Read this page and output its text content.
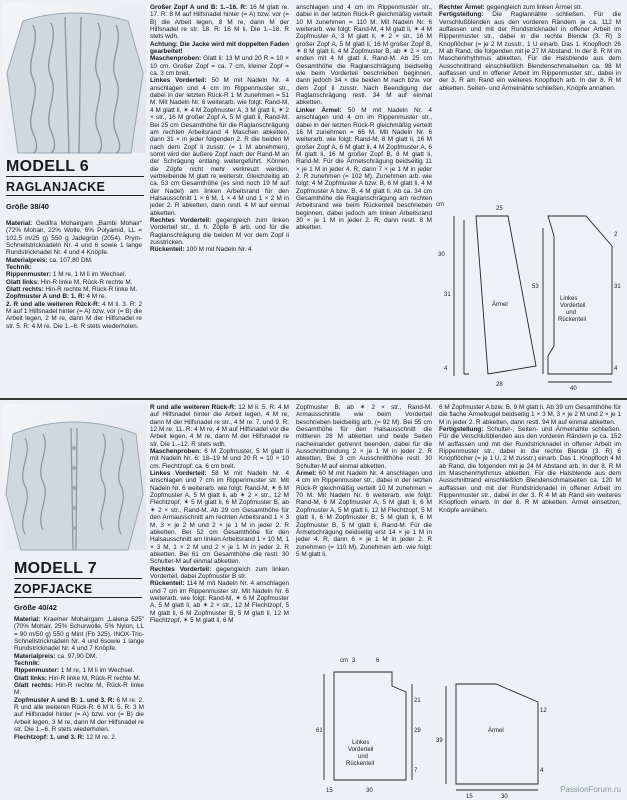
MODELL 6
RAGLANJACKE
Größe 38/40

Material: Gedifra Mohairgarn „Bambi Mohair“ (72% Mohair, 22% Wolle, 6% Polyamid, LL = 102,5 m/25 g) 550 g Jadegrün (2054). Prym-Schnellstricknadeln Nr. 4 und 6 sowie 1 lange Rundstricknadel Nr. 4 und 4 Knöpfe.

Materialpreis: ca. 107,80 DM.

Technik:

Rippenmuster: 1 M re, 1 M li im Wechsel.

Glatt links: Hin-R linke M, Rück-R rechte M.

Glatt rechts: Hin-R rechte M, Rück-R linke M.

Zopfmuster A und B: 1. R: 4 M re.

2. R und alle weiteren Rück-R: 4 M li. 3. R: 2 M auf 1 Hilfsnadel hinter (= A) bzw. vor (= B) die Arbeit legen, 2 M re, dann M der Hilfsnadel re str. 5. R: 4 M re. Die 1.–6. R stets wiederholen.

Großer Zopf A und B: 1.–16. R: 16 M glatt re. 17. R: 8 M auf Hilfsnadel hinter (= A) bzw. vor (= B) die Arbeit legen, 8 M re, dann M der Hilfsnadel re str. 18. R: 16 M li. Die 1.–18. R stets wdh.

Achtung: Die Jacke wird mit doppelten Faden gearbeitet!

Maschenproben: Glatt li: 13 M und 20 R = 10 × 10 cm. Großer Zopf = ca. 7 cm, kleiner Zopf = ca. 3 cm breit.

Linkes Vorderteil: 50 M mit Nadeln Nr. 4 anschlagen und 4 cm im Rippenmuster str., dabei in der letzten Rück-R 1 M zunehmen = 51 M. Mit Nadeln Nr. 6 weiterarb. wie folgt: Rand-M, 4 M glatt li, ✶ 4 M Zopfmuster A, 3 M glatt li, ✶ 2 × str., 16 M großer Zopf A, 5 M glatt li, Rand-M. Bei 25 cm Gesamthöhe für die Raglanschrägung am rechten Arbeitsrand 4 Maschen abketten, dann 31 × in jeder folgenden 2. R die beiden M nach dem Zopf li zusstr. (= 1 M abnehmen), somit wird der äußere Zopf nach der Rand-M an der Schrägung entlang weitergeführt. Können die Zöpfe nicht mehr verkreuzt werden, verbleibende M glatt re weiterstr. Gleichzeitig ab ca. 53 cm Gesamthöhe (es sind noch 19 M auf der Nadel) am linken Arbeitsrand für den Halsausschnitt 1 × 6 M, 1 × 4 M und 1 × 2 M in jeder 2. R abketten, dann restl. 4 M auf einmal abketten.

Rechtes Vorderteil: gegengleich zum linken Vorderteil str., d. h. Zöpfe B arb. und für die Raglanschrägung die beiden M vor dem Zopf li zusstricken.

Rückenteil: 100 M mit Nadeln Nr. 4

anschlagen und 4 cm im Rippenmuster str., dabei in der letzten Rück-R gleichmäßig verteilt 10 M zunehmen = 110 M. Mit Nadeln Nr. 6 weiterarb. wie folgt: Rand-M, 4 M glatt li, ✶ 4 M Zopfmuster A, 3 M glatt li, ✶ 2 × str., 16 M großer Zopf A, 5 M glatt li, 16 M großer Zopf B, ✶ 8 M glatt li, 4 M Zopfmuster B, ab ✶ 2 × str., enden mit 4 M glatt li, Rand-M. Ab 25 cm Gesamthöhe die Raglanschrägung beidseitig wie beim Vorderteil beschrieben beginnen, dann jedoch 34 × die beiden M nach bzw. vor dem Zopf li zusstr. Nach Beendigung der Raglanschrägung restl. 34 M auf einmal abketten.

Linker Ärmel: 50 M mit Nadeln Nr. 4 anschlagen und 4 cm im Rippenmuster str., dabei in der letzten Rück-R gleichmäßig verteilt 16 M zunehmen = 66 M. Mit Nadeln Nr. 6 weiterarb. wie folgt: Rand-M, 8 M glatt li, 16 M großer Zopf A, 6 M glatt li, 4 M Zopfmuster A, 6 M glatt li, 16 M großer Zopf B, 8 M glatt li, Rand-M. Für die Ärmelschrägung beidseitig 11 × je 1 M in jeder 4. R, dann 7 × je 1 M in jeder 2. R zunehmen (= 102 M). Zunehmen arb. wie folgt: 4 M Zopfmuster A bzw. B, 6 M glatt li, 4 M Zopfmuster A bzw. B, 4 M glatt li. Ab ca. 34 cm Gesamthöhe die Raglanschrägung am rechten Arbeitsrand wie beim Rückenteil beschrieben beginnen, dabei jedoch am linken Arbeitsrand 30 × je 1 M in jeder 2. R, dann restl. 8 M abketten.

Rechter Ärmel: gegengleich zum linken Ärmel str.

Fertigstellung: Die Raglannähte schließen. Für die Verschlußblenden aus den vorderen Rändern je ca. 112 M auffassen und mit der Rundstricknadel in offener Arbeit im Rippenmuster str., dabei in die rechte Blende (3. R) 3 Knopflöcher (= je 2 M zusstr., 1 U einarb. Das 1. Knopfloch 26 M ab Rand, die folgenden mit je 27 M Abstand. In der 8. R M im Maschenrhythmus abketten. Für die Halsblende aus dem Ausschnittrand einschließlich Blendenschmalseiten ca. 98 M auffassen und in offener Arbeit im Rippenmuster str., dabei in der 3. R am Rand ein weiteres Knopfloch arb. In der 8. R M abketten. Seiten- und Ärmelnähte schließen, Knöpfe annähen.

cm
30
31
4
53
2
31
25
28
40
4
Ärmel
Linkes
Vorderteil
und
Rückenteil
MODELL 7
ZOPFJACKE
Größe 40/42

Material: Kraemer Mohairgarn „Lalena 525“ (70% Mohair, 25% Schurwolle, 5% Nylon, LL = 90 m/50 g) 550 g Mint (Fb 325). INOX-Tric-Schnellstricknadeln Nr. 4 und 6sowie 1 lange Rundstricknadel Nr. 4 und 7 Knöpfe.

Materialpreis: ca. 97,90 DM.

Technik:

Rippenmuster: 1 M re, 1 M li im Wechsel.

Glatt links: Hin-R linke M, Rück-R rechte M.

Glatt rechts: Hin-R rechte M, Rück-R linke M.

Zopfmuster A und B: 1. und 3. R: 6 M re. 2. R und alle weiteren Rück-R: 6 M li. 5. R: 3 M auf Hilfsnadel hinter (= A) bzw. vor (= B) die Arbeit legen, 3 M re, dann M der Hilfsnadel re str. Die 1.–6. R stets wiederholen.

Flechtzopf: 1. und 3. R: 12 M re. 2.

R und alle weiteren Rück-R: 12 M li. 5. R: 4 M auf Hilfsnadel hinter die Arbeit legen, 4 M re, dann M der Hilfsnadel re str., 4 M re. 7. und 9. R: 12 M re. 11. R: 4 M re, 4 M auf Hilfsnadel vor die Arbeit legen, 4 M re, dann M der Hilfsnadel re str. Die 1.–12. R stets wdh.

Maschenproben: 6 M Zopfmuster, 5 M glatt li mit Nadeln Nr. 6: 18–19 M und 20 R = 10 × 10 cm. Flechtzopf: ca. 6 cm breit.

Linkes Vorderteil: 58 M mit Nadeln Nr. 4 anschlagen und 7 cm im Rippenmuster str. Mit Nadeln Nr. 6 weiterarb. wie folgt: Rand-M, ✶ 6 M Zopfmuster A, 5 M glatt li, ab ✶ 2 × str., 12 M Flechtzopf, ✶ 5 M glatt li, 6 M Zopfmuster B, ab ✶ 2 × str., Rand-M. Ab 29 cm Gesamthöhe für den Armausschnitt am rechten Arbeitsrand 1 × 3 M, 3 × je 2 M und 2 × je 1 M in jeder 2. R abketten. Bei 52 cm Gesamthöhe für den Halsausschnitt am linken Arbeitsrand 1 × 10 M, 1 × 3 M, 1 × 2 M und 2 × je 1 M in jeder 2. R abketten. Bei 61 cm Gesamthöhe die restl. 30 Schulter-M auf einmal abketten.

Rechtes Vorderteil: gegengleich zum linken Vorderteil, dabei Zopfmuster B str.

Rückenteil: 114 M mit Nadeln Nr. 4 anschlagen und 7 cm im Rippenmuster str. Mit Nadeln Nr. 6 weiterarb. wie folgt: Rand-M, ✶ 6 M Zopfmuster A, 5 M glatt li, ab ✶ 2 × str., 12 M Flechtzopf, 5 M glatt li, 6 M Zopfmuster B, 5 M glatt li, 12 M Flechtzopf, ✶ 5 M glatt li, 6 M

Zopfmuster B, ab ✶ 2 × str., Rand-M. Armausschnitte wie beim Vorderteil beschrieben beidseitig arb. (= 92 M). Bei 55 cm Gesamthöhe für den Halsausschnitt die mittleren 28 M abketten und beide Seiten nacheinander getrennt beenden, dabei für die Ausschnittrundung 2 × je 1 M in jeder 2. R abketten. Bei 3 cm Ausschnitthöhe restl. 30 Schulter-M auf einmal abketten.

Ärmel: 60 M mit Nadeln Nr. 4 anschlagen und 4 cm im Rippenmuster str., dabei in der letzten Rück-R gleichmäßig verteilt 10 M zunehmen = 70 M. Mit Nadeln Nr. 6 weiterarb. wie folgt: Rand-M, 6 M Zopfmuster A, 5 M glatt li, 6 M Zopfmuster A, 5 M glatt li, 12 M Flechtzopf, 5 M glatt li, 6 M Zopfmuster B, 5 M glatt li, 6 M Zopfmuster B, 5 M glatt li, Rand-M. Für die Ärmelschrägung beidseitig erst 14 × je 1 M in jeder 4. R, dann 6 × je 1 M in jeder 2. R zunehmen (= 110 M), Zunehmen arb. wie folgt: 5 M glatt li,

6 M Zopfmuster A bzw. B, 9 M glatt li. Ab 39 cm Gesamthöhe für die flache Ärmelkugel beidseitig 1 × 3 M, 3 × je 2 M und 2 × je 1 M in jeder 2. R abketten, dann restl. 94 M auf einmal abketten.

Fertigstellung: Schulter-, Seiten- und Ärmelnähte schließen. Für die Verschlußblenden aus den vorderen Rändern je ca. 152 M auffassen und mit der Rundstricknadel in offener Arbeit im Rippenmuster str., dabei in die rechte Blende (3. R) 6 Knopflöcher (= je 1 U, 2 M zusstr.) einarb. Das 1. Knopfloch 4 M ab Rand, die folgenden mit je 24 M Abstand arb. In der 8. R M im Maschenrhythmus abketten. Für die Halsblende aus dem Ausschnittrand einschließlich Blendenschmalseiten ca. 120 M auffassen und mit der Rundstricknadel in offener Arbeit im Rippenmuster str., dabei in der 3. R 4 M ab Rand ein weiteres Knopfloch einarb. In der 8. R M abketten. Ärmel einsetzen, Knöpfe annähen.

cm 3	6
21
29
7
61
39
12
4
15	30
15	30
Ärmel
Linkes
Vorderteil
und
Rückenteil
PassionForum.ru
